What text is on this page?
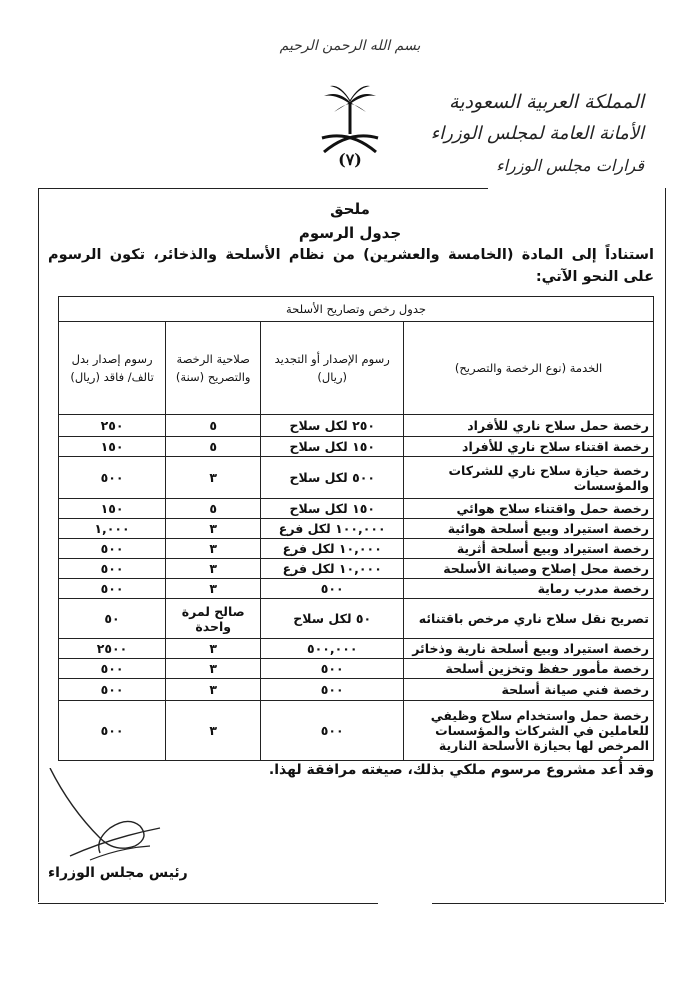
بسم الله الرحمن الرحيم
(٧)
المملكة العربية السعودية
الأمانة العامة لمجلس الوزراء
قرارات مجلس الوزراء
ملحق
جدول الرسوم
استناداً إلى المادة (الخامسة والعشرين) من نظام الأسلحة والذخائر، تكون الرسوم على النحو الآتي:
جدول رخص وتصاريح الأسلحة			
الخدمة (نوع الرخصة والتصريح)	رسوم الإصدار أو التجديد (ريال)	صلاحية الرخصة والتصريح (سنة)	رسوم إصدار بدل تالف/ فاقد (ريال)
رخصة حمل سلاح ناري للأفراد	٢٥٠ لكل سلاح	٥	٢٥٠
رخصة اقتناء سلاح ناري للأفراد	١٥٠ لكل سلاح	٥	١٥٠
رخصة حيازة سلاح ناري للشركات والمؤسسات	٥٠٠ لكل سلاح	٣	٥٠٠
رخصة حمل واقتناء سلاح هوائي	١٥٠ لكل سلاح	٥	١٥٠
رخصة استيراد وبيع أسلحة هوائية	١٠٠,٠٠٠ لكل فرع	٣	١,٠٠٠
رخصة استيراد وبيع أسلحة أثرية	١٠,٠٠٠ لكل فرع	٣	٥٠٠
رخصة محل إصلاح وصيانة الأسلحة	١٠,٠٠٠ لكل فرع	٣	٥٠٠
رخصة مدرب رماية	٥٠٠	٣	٥٠٠
تصريح نقل سلاح ناري مرخص باقتنائه	٥٠ لكل سلاح	صالح لمرة واحدة	٥٠
رخصة استيراد وبيع أسلحة نارية وذخائر	٥٠٠,٠٠٠	٣	٢٥٠٠
رخصة مأمور حفظ وتخزين أسلحة	٥٠٠	٣	٥٠٠
رخصة فني صيانة أسلحة	٥٠٠	٣	٥٠٠
رخصة حمل واستخدام سلاح وظيفي للعاملين في الشركات والمؤسسات المرخص لها بحيازة الأسلحة النارية	٥٠٠	٣	٥٠٠
وقد أُعد مشروع مرسوم ملكي بذلك، صيغته مرافقة لهذا.
رئيس مجلس الوزراء
